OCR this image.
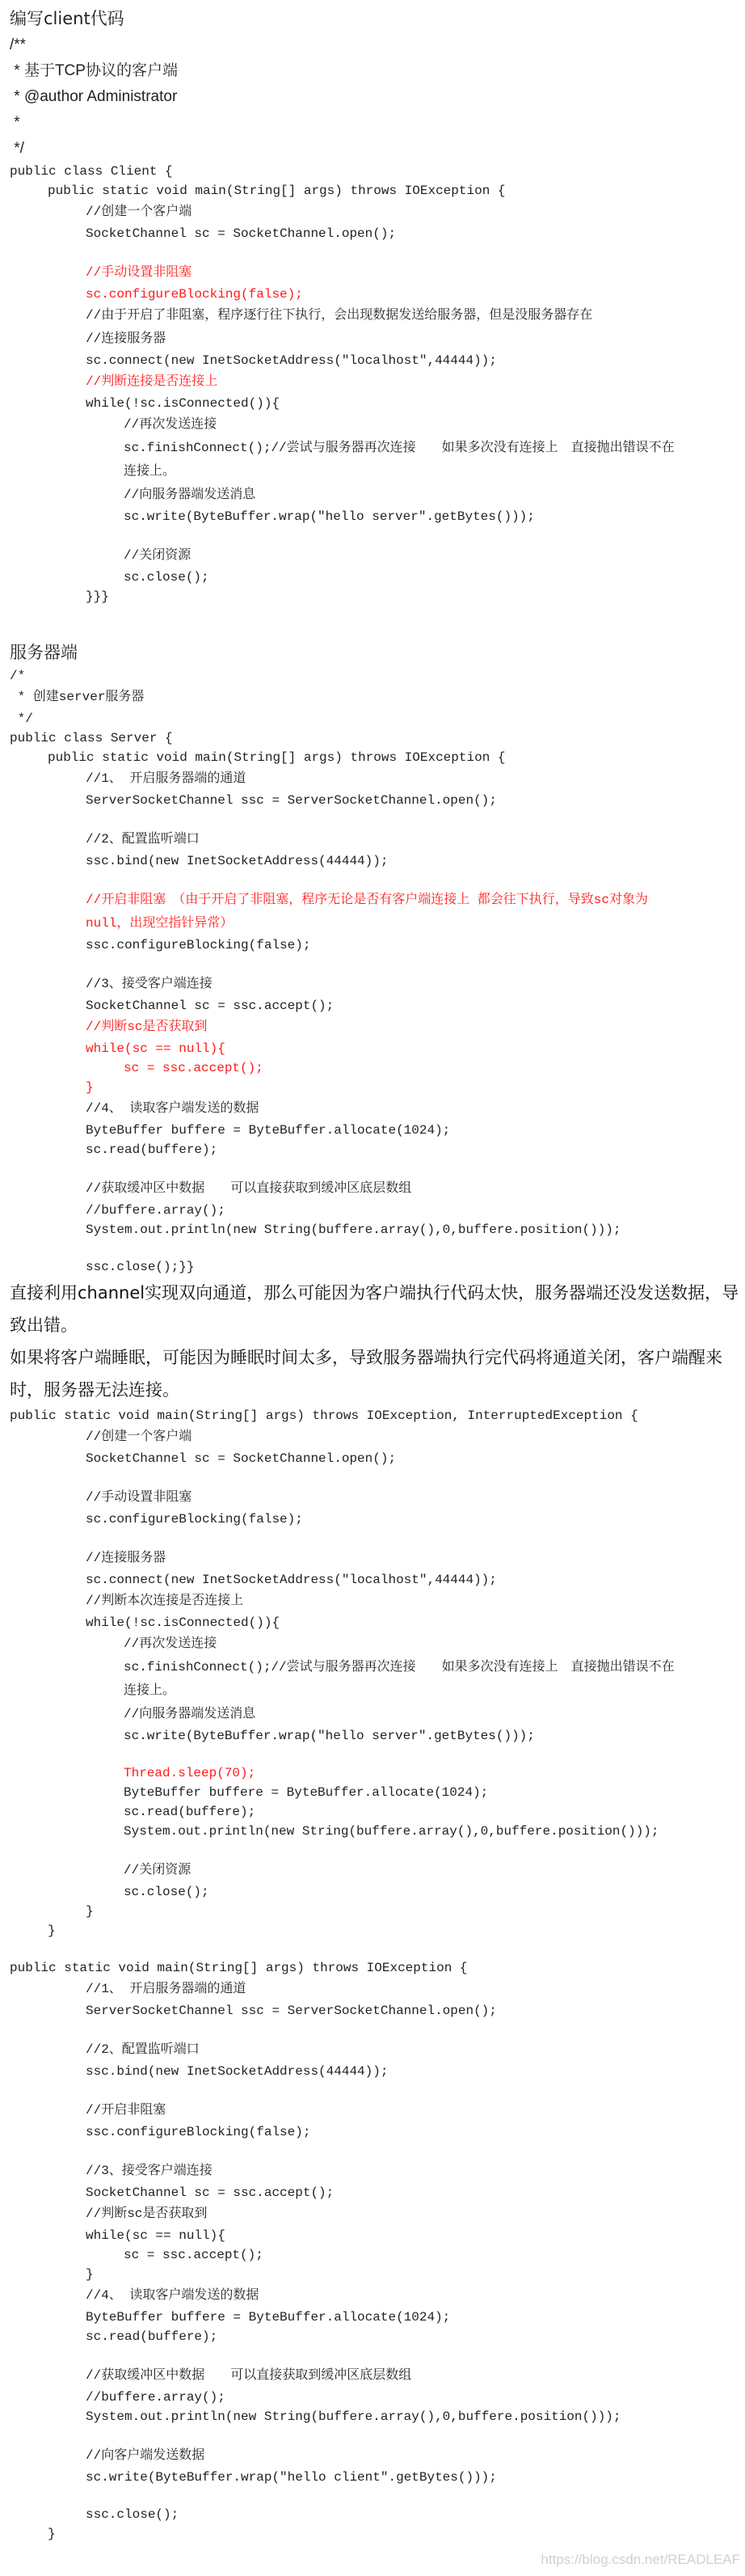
编写client代码
/**
* 基于TCP协议的客户端
* @author Administrator
*
*/
public class Client {
	public static void main(String[] args) throws IOException {
		//创建一个客户端
		SocketChannel sc = SocketChannel.open();
		//手动设置非阻塞
		sc.configureBlocking(false);
		//由于开启了非阻塞，程序逐行往下执行，会出现数据发送给服务器，但是没服务器存在
		//连接服务器
		sc.connect(new InetSocketAddress("localhost",44444));
		//判断连接是否连接上
		while(!sc.isConnected()){
			//再次发送连接
			sc.finishConnect();//尝试与服务器再次连接　　如果多次没有连接上　直接抛出错误不在
			连接上。
			//向服务器端发送消息
			sc.write(ByteBuffer.wrap("hello server".getBytes()));
			//关闭资源
			sc.close();
		}}}
服务器端
/*
* 创建server服务器
*/
public class Server {
	public static void main(String[] args) throws IOException {
		//1、 开启服务器端的通道
		ServerSocketChannel ssc = ServerSocketChannel.open();
		//2、配置监听端口
		ssc.bind(new InetSocketAddress(44444));
		//开启非阻塞　（由于开启了非阻塞，程序无论是否有客户端连接上 都会往下执行，导致sc对象为
		null，出现空指针异常）
		ssc.configureBlocking(false);
		//3、接受客户端连接
		SocketChannel sc = ssc.accept();
		//判断sc是否获取到
		while(sc == null){
			sc = ssc.accept();
		}
		//4、 读取客户端发送的数据
		ByteBuffer buffere = ByteBuffer.allocate(1024);
		sc.read(buffere);
		//获取缓冲区中数据　　可以直接获取到缓冲区底层数组
		//buffere.array();
		System.out.println(new String(buffere.array(),0,buffere.position()));
		ssc.close();}}
直接利用channel实现双向通道，那么可能因为客户端执行代码太快，服务器端还没发送数据，导致出错。
如果将客户端睡眠，可能因为睡眠时间太多，导致服务器端执行完代码将通道关闭，客户端醒来时，服务器无法连接。
public static void main(String[] args) throws IOException, InterruptedException {
		//创建一个客户端
		SocketChannel sc = SocketChannel.open();
		//手动设置非阻塞
		sc.configureBlocking(false);
		//连接服务器
		sc.connect(new InetSocketAddress("localhost",44444));
		//判断本次连接是否连接上
		while(!sc.isConnected()){
			//再次发送连接
			sc.finishConnect();//尝试与服务器再次连接　　如果多次没有连接上　直接抛出错误不在
			连接上。
			//向服务器端发送消息
			sc.write(ByteBuffer.wrap("hello server".getBytes()));
			Thread.sleep(70);
			ByteBuffer buffere = ByteBuffer.allocate(1024);
			sc.read(buffere);
			System.out.println(new String(buffere.array(),0,buffere.position()));
			//关闭资源
			sc.close();
		}
	}
public static void main(String[] args) throws IOException {
		//1、 开启服务器端的通道
		ServerSocketChannel ssc = ServerSocketChannel.open();
		//2、配置监听端口
		ssc.bind(new InetSocketAddress(44444));
		//开启非阻塞
		ssc.configureBlocking(false);
		//3、接受客户端连接
		SocketChannel sc = ssc.accept();
		//判断sc是否获取到
		while(sc == null){
			sc = ssc.accept();
		}
		//4、 读取客户端发送的数据
		ByteBuffer buffere = ByteBuffer.allocate(1024);
		sc.read(buffere);
		//获取缓冲区中数据　　可以直接获取到缓冲区底层数组
		//buffere.array();
		System.out.println(new String(buffere.array(),0,buffere.position()));
		//向客户端发送数据
		sc.write(ByteBuffer.wrap("hello client".getBytes()));
		ssc.close();
	}
https://blog.csdn.net/READLEAF
